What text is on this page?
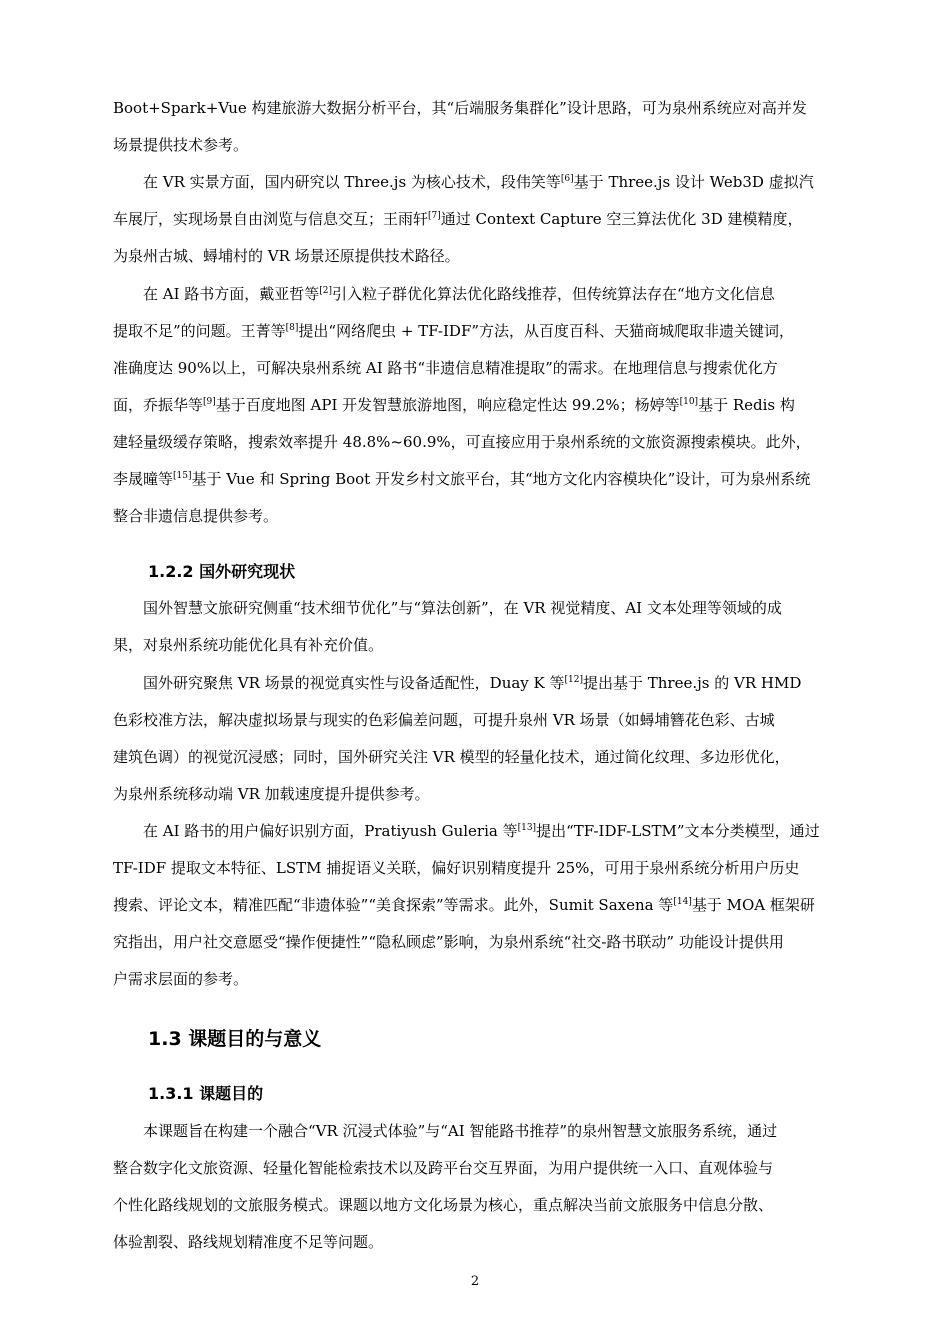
Boot+Spark+Vue 构建旅游大数据分析平台，其“后端服务集群化”设计思路，可为泉州系统应对高并发
场景提供技术参考。
在 VR 实景方面，国内研究以 Three.js 为核心技术，段伟笑等[6]基于 Three.js 设计 Web3D 虚拟汽
车展厅，实现场景自由浏览与信息交互；王雨轩[7]通过 Context Capture 空三算法优化 3D 建模精度，
为泉州古城、蟳埔村的 VR 场景还原提供技术路径。
在 AI 路书方面，戴亚哲等[2]引入粒子群优化算法优化路线推荐，但传统算法存在“地方文化信息
提取不足”的问题。王菁等[8]提出“网络爬虫 + TF-IDF”方法，从百度百科、天猫商城爬取非遗关键词，
准确度达 90%以上，可解决泉州系统 AI 路书“非遗信息精准提取”的需求。在地理信息与搜索优化方
面，乔振华等[9]基于百度地图 API 开发智慧旅游地图，响应稳定性达 99.2%；杨婷等[10]基于 Redis 构
建轻量级缓存策略，搜索效率提升 48.8%~60.9%，可直接应用于泉州系统的文旅资源搜索模块。此外，
李晟曈等[15]基于 Vue 和 Spring Boot 开发乡村文旅平台，其“地方文化内容模块化”设计，可为泉州系统
整合非遗信息提供参考。
1.2.2 国外研究现状
国外智慧文旅研究侧重“技术细节优化”与“算法创新”，在 VR 视觉精度、AI 文本处理等领域的成
果，对泉州系统功能优化具有补充价值。
国外研究聚焦 VR 场景的视觉真实性与设备适配性，Duay K 等[12]提出基于 Three.js 的 VR HMD
色彩校准方法，解决虚拟场景与现实的色彩偏差问题，可提升泉州 VR 场景（如蟳埔簪花色彩、古城
建筑色调）的视觉沉浸感；同时，国外研究关注 VR 模型的轻量化技术，通过简化纹理、多边形优化，
为泉州系统移动端 VR 加载速度提升提供参考。
在 AI 路书的用户偏好识别方面，Pratiyush Guleria 等[13]提出“TF-IDF-LSTM”文本分类模型，通过
TF-IDF 提取文本特征、LSTM 捕捉语义关联，偏好识别精度提升 25%，可用于泉州系统分析用户历史
搜索、评论文本，精准匹配“非遗体验”“美食探索”等需求。此外，Sumit Saxena 等[14]基于 MOA 框架研
究指出，用户社交意愿受“操作便捷性”“隐私顾虑”影响，为泉州系统“社交-路书联动” 功能设计提供用
户需求层面的参考。
1.3 课题目的与意义
1.3.1 课题目的
本课题旨在构建一个融合“VR 沉浸式体验”与“AI 智能路书推荐”的泉州智慧文旅服务系统，通过
整合数字化文旅资源、轻量化智能检索技术以及跨平台交互界面，为用户提供统一入口、直观体验与
个性化路线规划的文旅服务模式。课题以地方文化场景为核心，重点解决当前文旅服务中信息分散、
体验割裂、路线规划精准度不足等问题。
2
